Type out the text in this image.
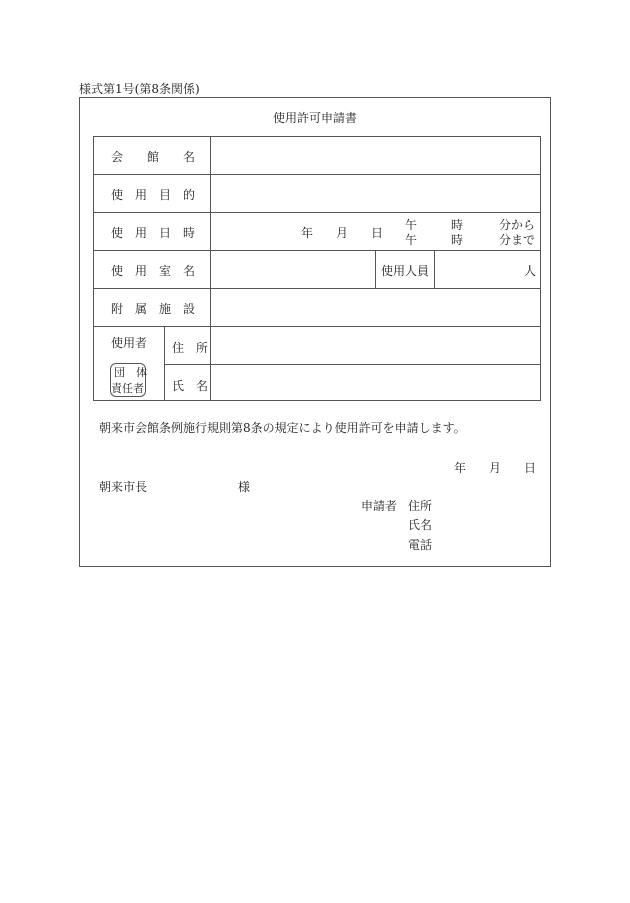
様式第1号(第8条関係)
使用許可申請書
会　　館　　名
使　用　目　的
使　用　日　時
使　用　室　名
附　属　施　設
使用者
団　体
責任者
住　所
氏　名
年 月 日
午
午
時
時
分から
分まで
使用人員	人
朝来市会館条例施行規則第8条の規定により使用許可を申請します。
年 月 日
朝来市長	様
申請者 住所
氏名
電話
